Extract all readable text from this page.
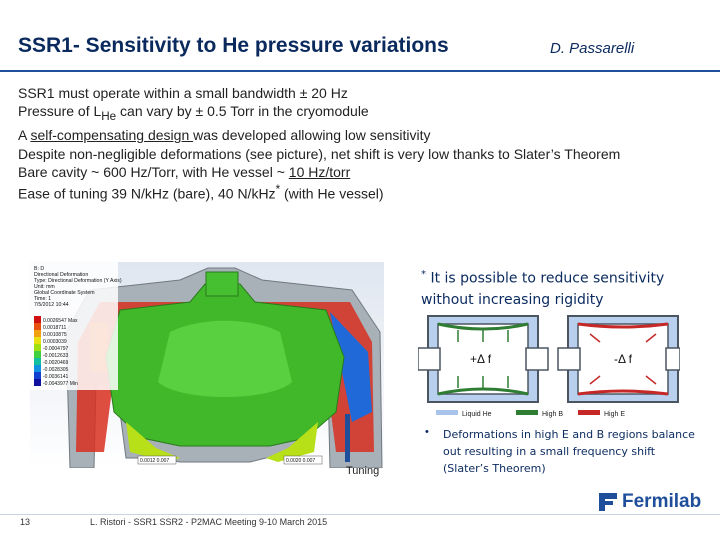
SSR1- Sensitivity to He pressure variations	D. Passarelli
SSR1 must operate within a small bandwidth ± 20 Hz
Pressure of $L_{He}$ can vary by ± 0.5 Torr in the cryomodule
A self-compensating design was developed allowing low sensitivity
Despite non-negligible deformations (see picture), net shift is very low thanks to Slater’s Theorem
Bare cavity ~ 600 Hz/Torr, with He vessel ~ 10 Hz/torr
Ease of tuning 39 N/kHz (bare), 40 N/kHz* (with He vessel)
B: D
Directional Deformation
Type: Directional Deformation (Y Axis)
Unit: mm
Global Coordinate System
Time: 1
7/5/2012 10:44
0.0026547 Max
0.0018711
0.0010875
0.0003039
-0.0004797
-0.0012633
-0.0020469
-0.0028305
-0.0036141
-0.0043977 Min
0.0012 0.007	0.0020 0.007
Tuning
* It is possible to reduce sensitivity without increasing rigidity
+Δ f	-Δ f
Liquid He	High B	High E
• Deformations in high E and B regions balance out resulting in a small frequency shift (Slater’s Theorem)
13	L. Ristori - SSR1 SSR2 - P2MAC Meeting 9-10 March 2015
Fermilab
